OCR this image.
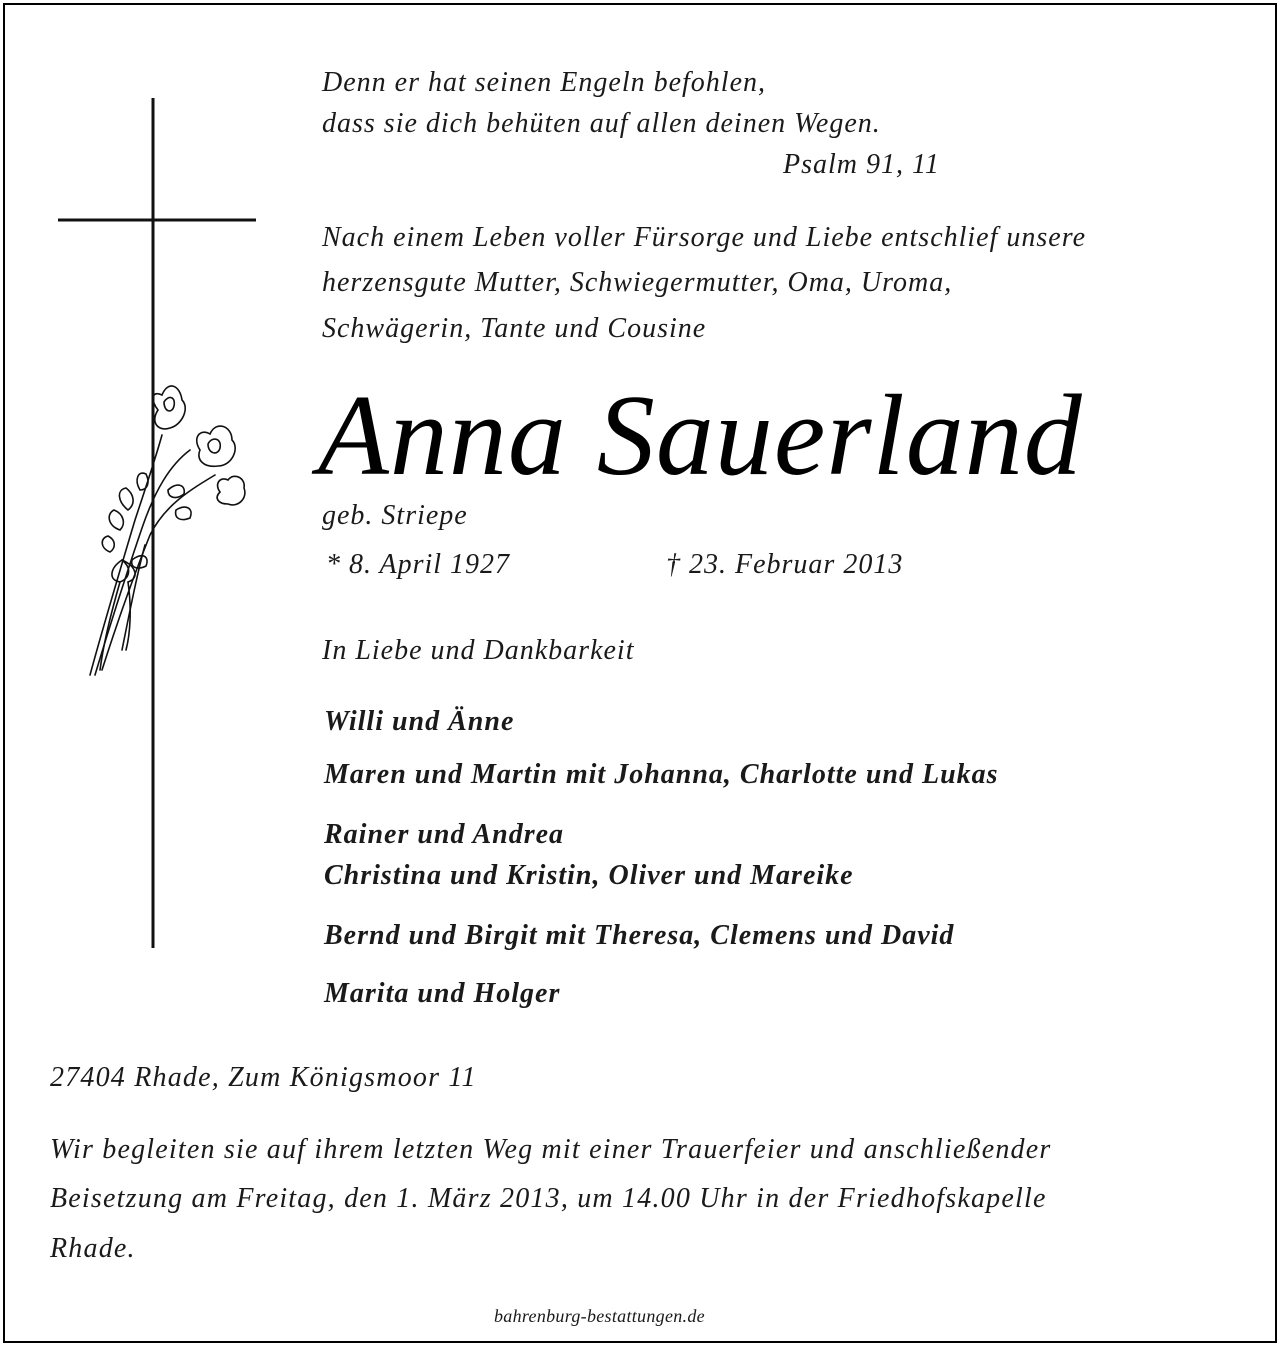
Denn er hat seinen Engeln befohlen,
dass sie dich behüten auf allen deinen Wegen.
Psalm 91, 11
Nach einem Leben voller Fürsorge und Liebe entschlief unsere
herzensgute Mutter, Schwiegermutter, Oma, Uroma,
Schwägerin, Tante und Cousine
Anna Sauerland
geb. Striepe
* 8. April 1927	† 23. Februar 2013
In Liebe und Dankbarkeit
Willi und Änne
Maren und Martin mit Johanna, Charlotte und Lukas
Rainer und Andrea
Christina und Kristin, Oliver und Mareike
Bernd und Birgit mit Theresa, Clemens und David
Marita und Holger
27404 Rhade, Zum Königsmoor 11
Wir begleiten sie auf ihrem letzten Weg mit einer Trauerfeier und anschließender
Beisetzung am Freitag, den 1. März 2013, um 14.00 Uhr in der Friedhofskapelle
Rhade.
bahrenburg-bestattungen.de
